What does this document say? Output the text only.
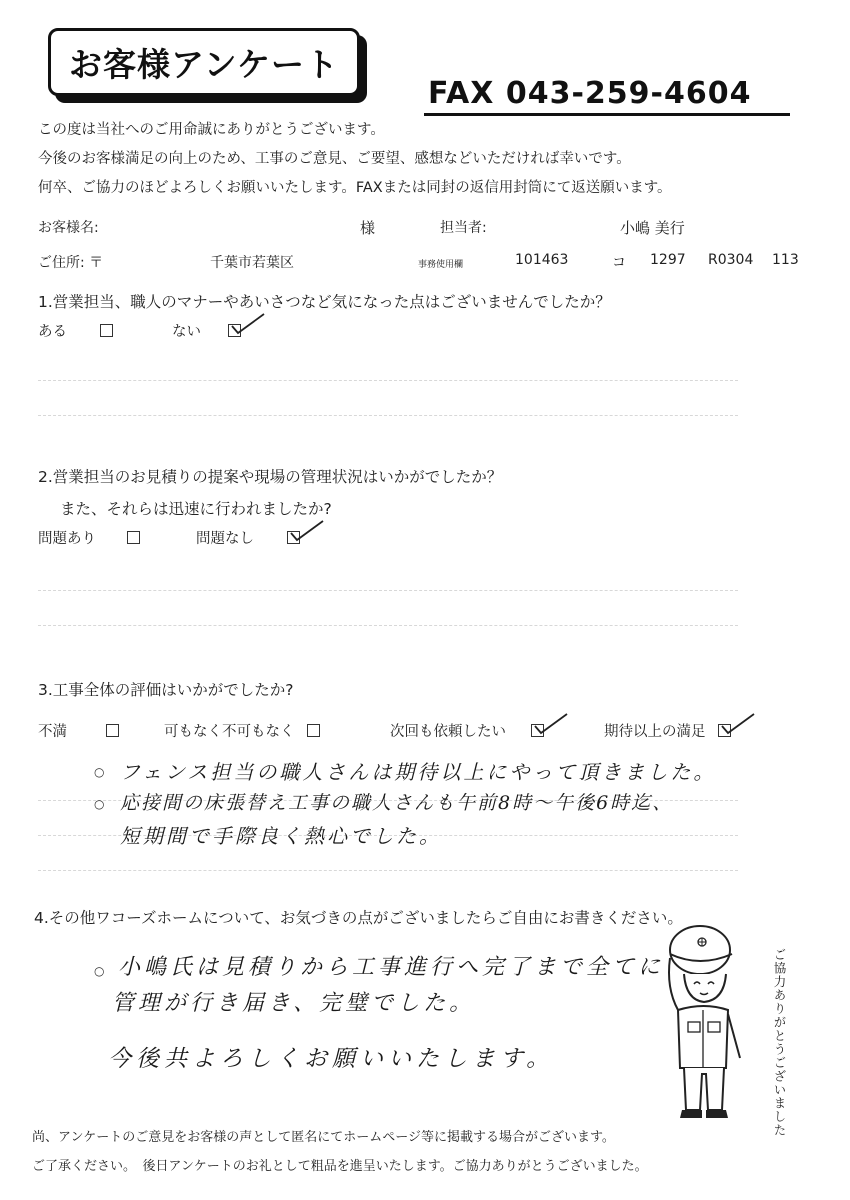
お客様アンケート
FAX 043-259-4604
この度は当社へのご用命誠にありがとうございます。
今後のお客様満足の向上のため、工事のご意見、ご要望、感想などいただければ幸いです。
何卒、ご協力のほどよろしくお願いいたします。FAXまたは同封の返信用封筒にて返送願います。
お客様名:	様	担当者:	小嶋 美行
ご住所: 〒	千葉市若葉区	事務使用欄	101463	コ 1297 R0304 113
1.営業担当、職人のマナーやあいさつなど気になった点はございませんでしたか？
ある	ない
2.営業担当のお見積りの提案や現場の管理状況はいかがでしたか？
また、それらは迅速に行われましたか?
問題あり	問題なし
3.工事全体の評価はいかがでしたか?
不満	可もなく不可もなく	次回も依頼したい	期待以上の満足
○ フェンス担当の職人さんは期待以上にやって頂きました。
○ 応接間の床張替え工事の職人さんも午前8時〜午後6時迄、
短期間で手際良く熱心でした。
4.その他ワコーズホームについて、お気づきの点がございましたらご自由にお書きください。
○ 小嶋氏は見積りから工事進行へ完了まで全てに
管理が行き届き、完璧でした。
今後共よろしくお願いいたします。	ご協力ありがとうございました
尚、アンケートのご意見をお客様の声として匿名にてホームページ等に掲載する場合がございます。
ご了承ください。　後日アンケートのお礼として粗品を進呈いたします。ご協力ありがとうございました。
